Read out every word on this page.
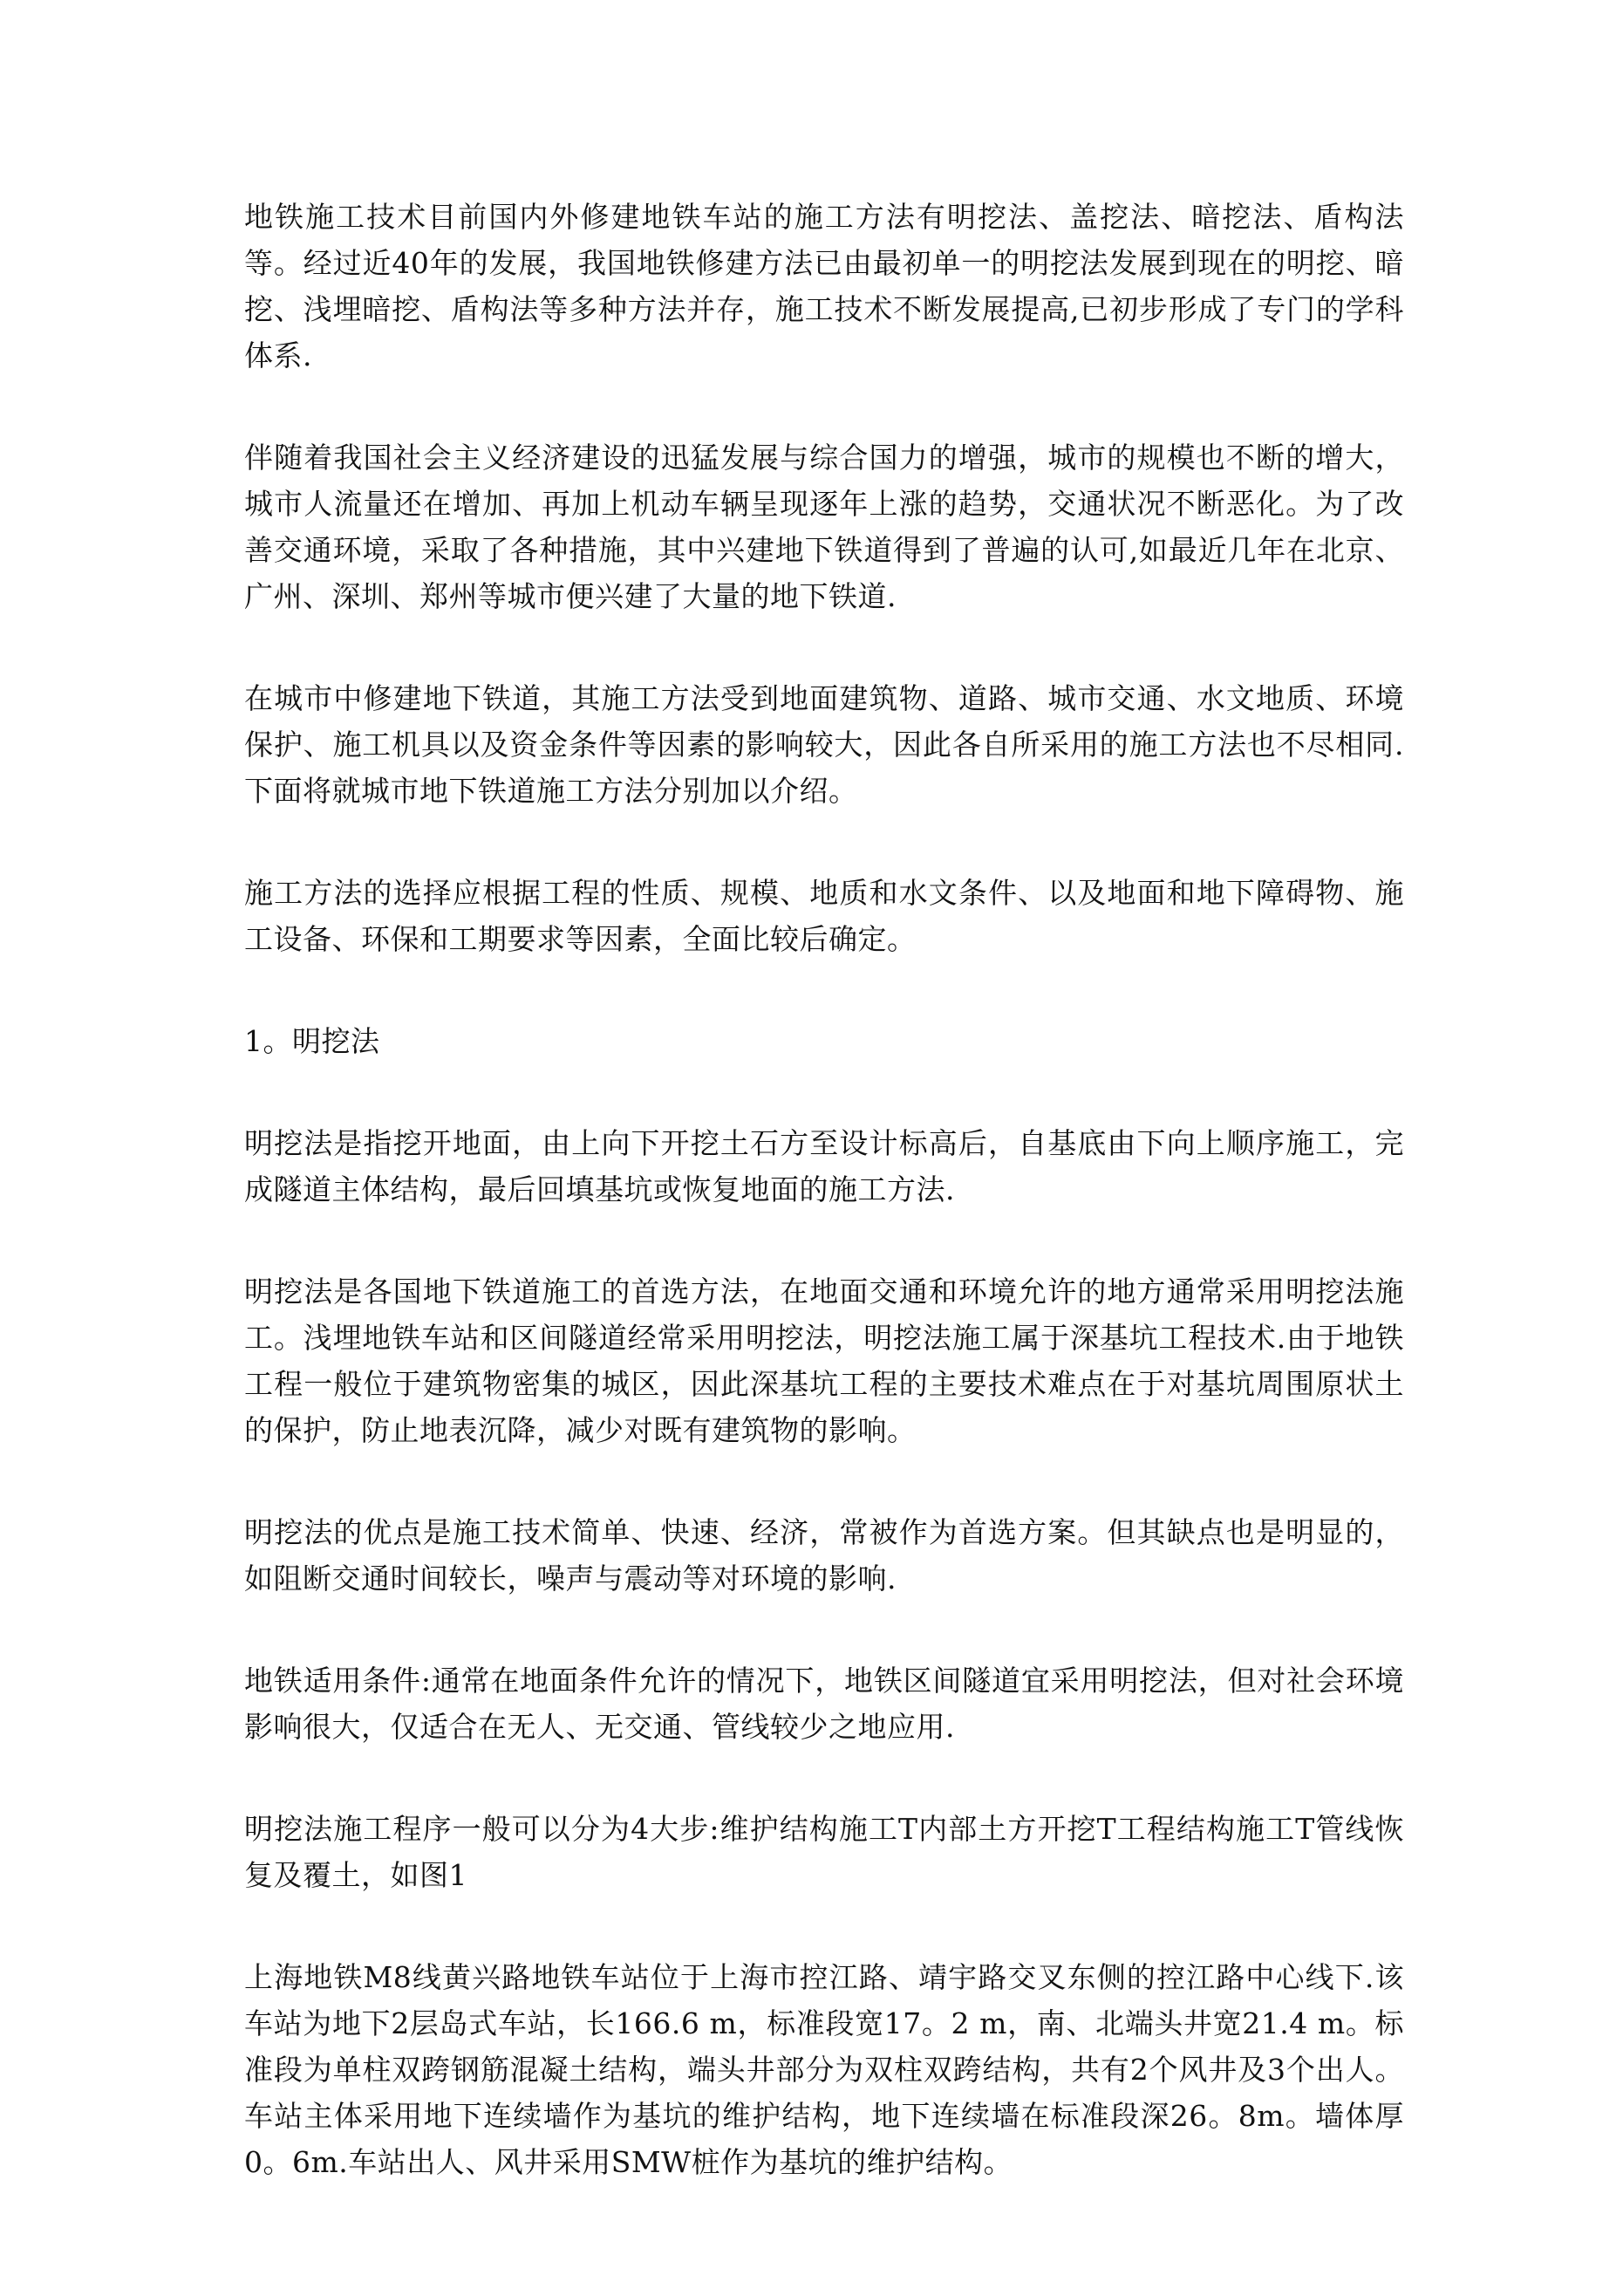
地铁施工技术目前国内外修建地铁车站的施工方法有明挖法、盖挖法、暗挖法、盾构法等。经过近40年的发展，我国地铁修建方法已由最初单一的明挖法发展到现在的明挖、暗挖、浅埋暗挖、盾构法等多种方法并存，施工技术不断发展提高,已初步形成了专门的学科体系.

伴随着我国社会主义经济建设的迅猛发展与综合国力的增强，城市的规模也不断的增大，城市人流量还在增加、再加上机动车辆呈现逐年上涨的趋势，交通状况不断恶化。为了改善交通环境，采取了各种措施，其中兴建地下铁道得到了普遍的认可,如最近几年在北京、广州、深圳、郑州等城市便兴建了大量的地下铁道.

在城市中修建地下铁道，其施工方法受到地面建筑物、道路、城市交通、水文地质、环境保护、施工机具以及资金条件等因素的影响较大，因此各自所采用的施工方法也不尽相同.下面将就城市地下铁道施工方法分别加以介绍。

施工方法的选择应根据工程的性质、规模、地质和水文条件、以及地面和地下障碍物、施工设备、环保和工期要求等因素，全面比较后确定。

1。明挖法

明挖法是指挖开地面，由上向下开挖土石方至设计标高后，自基底由下向上顺序施工，完成隧道主体结构，最后回填基坑或恢复地面的施工方法.

明挖法是各国地下铁道施工的首选方法，在地面交通和环境允许的地方通常采用明挖法施工。浅埋地铁车站和区间隧道经常采用明挖法，明挖法施工属于深基坑工程技术.由于地铁工程一般位于建筑物密集的城区，因此深基坑工程的主要技术难点在于对基坑周围原状土的保护，防止地表沉降，减少对既有建筑物的影响。

明挖法的优点是施工技术简单、快速、经济，常被作为首选方案。但其缺点也是明显的，如阻断交通时间较长，噪声与震动等对环境的影响.

地铁适用条件:通常在地面条件允许的情况下，地铁区间隧道宜采用明挖法，但对社会环境影响很大，仅适合在无人、无交通、管线较少之地应用.

明挖法施工程序一般可以分为4大步:维护结构施工T内部土方开挖T工程结构施工T管线恢复及覆土，如图1

上海地铁M8线黄兴路地铁车站位于上海市控江路、靖宇路交叉东侧的控江路中心线下.该车站为地下2层岛式车站，长166.6 m，标准段宽17。2 m，南、北端头井宽21.4 m。标准段为单柱双跨钢筋混凝土结构，端头井部分为双柱双跨结构，共有2个风井及3个出人。车站主体采用地下连续墙作为基坑的维护结构，地下连续墙在标准段深26。8m。墙体厚0。6m.车站出人、风井采用SMW桩作为基坑的维护结构。
